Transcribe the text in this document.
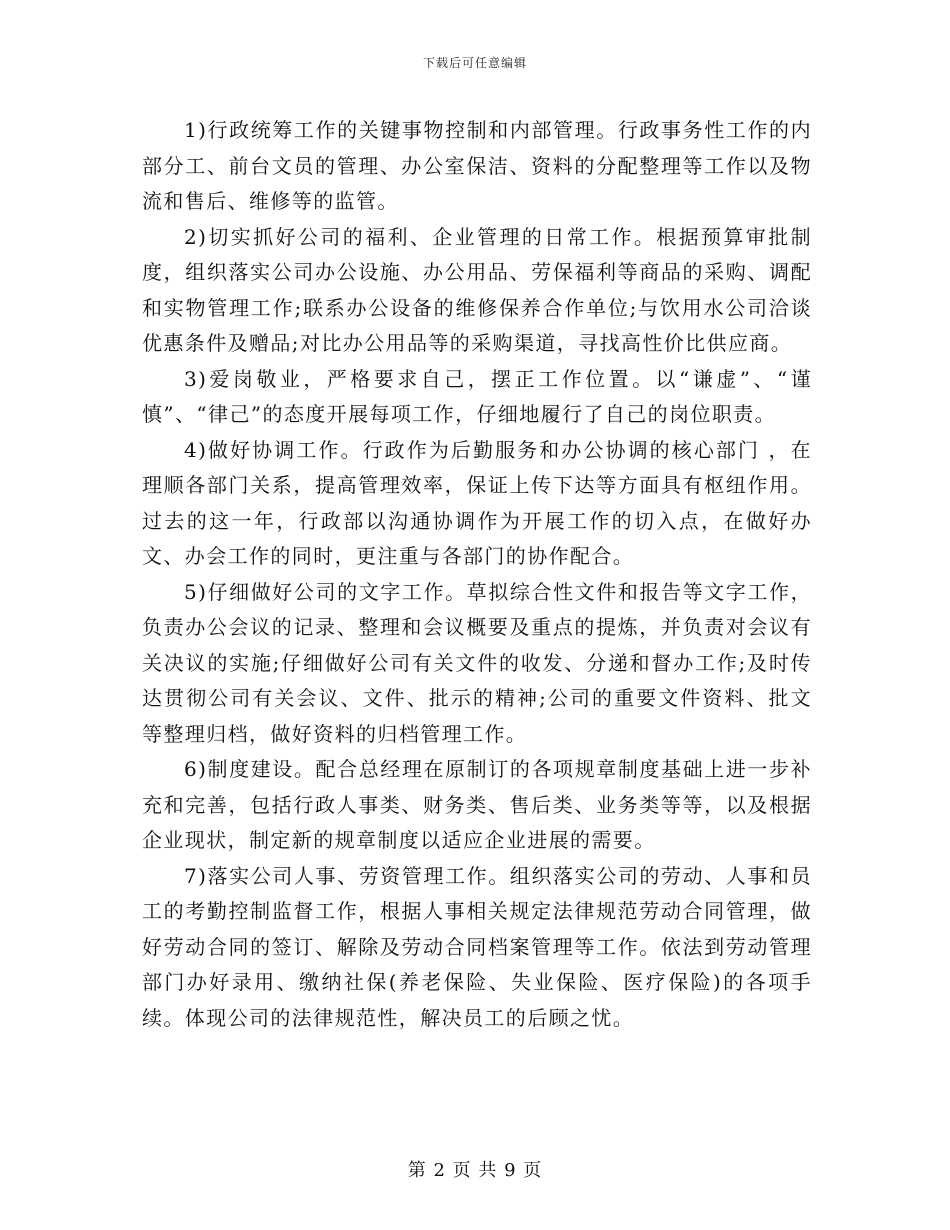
下载后可任意编辑

1)行政统筹工作的关键事物控制和内部管理。行政事务性工作的内部分工、前台文员的管理、办公室保洁、资料的分配整理等工作以及物流和售后、维修等的监管。

2)切实抓好公司的福利、企业管理的日常工作。根据预算审批制度，组织落实公司办公设施、办公用品、劳保福利等商品的采购、调配和实物管理工作;联系办公设备的维修保养合作单位;与饮用水公司洽谈优惠条件及赠品;对比办公用品等的采购渠道，寻找高性价比供应商。

3)爱岗敬业，严格要求自己，摆正工作位置。以“谦虚”、“谨慎”、“律己”的态度开展每项工作，仔细地履行了自己的岗位职责。

4)做好协调工作。行政作为后勤服务和办公协调的核心部门 ，在理顺各部门关系，提高管理效率，保证上传下达等方面具有枢纽作用。过去的这一年，行政部以沟通协调作为开展工作的切入点，在做好办文、办会工作的同时，更注重与各部门的协作配合。

5)仔细做好公司的文字工作。草拟综合性文件和报告等文字工作，负责办公会议的记录、整理和会议概要及重点的提炼，并负责对会议有关决议的实施;仔细做好公司有关文件的收发、分递和督办工作;及时传达贯彻公司有关会议、文件、批示的精神;公司的重要文件资料、批文等整理归档，做好资料的归档管理工作。

6)制度建设。配合总经理在原制订的各项规章制度基础上进一步补充和完善，包括行政人事类、财务类、售后类、业务类等等，以及根据企业现状，制定新的规章制度以适应企业进展的需要。

7)落实公司人事、劳资管理工作。组织落实公司的劳动、人事和员工的考勤控制监督工作，根据人事相关规定法律规范劳动合同管理，做好劳动合同的签订、解除及劳动合同档案管理等工作。依法到劳动管理部门办好录用、缴纳社保(养老保险、失业保险、医疗保险)的各项手续。体现公司的法律规范性，解决员工的后顾之忧。

第 2 页 共 9 页
